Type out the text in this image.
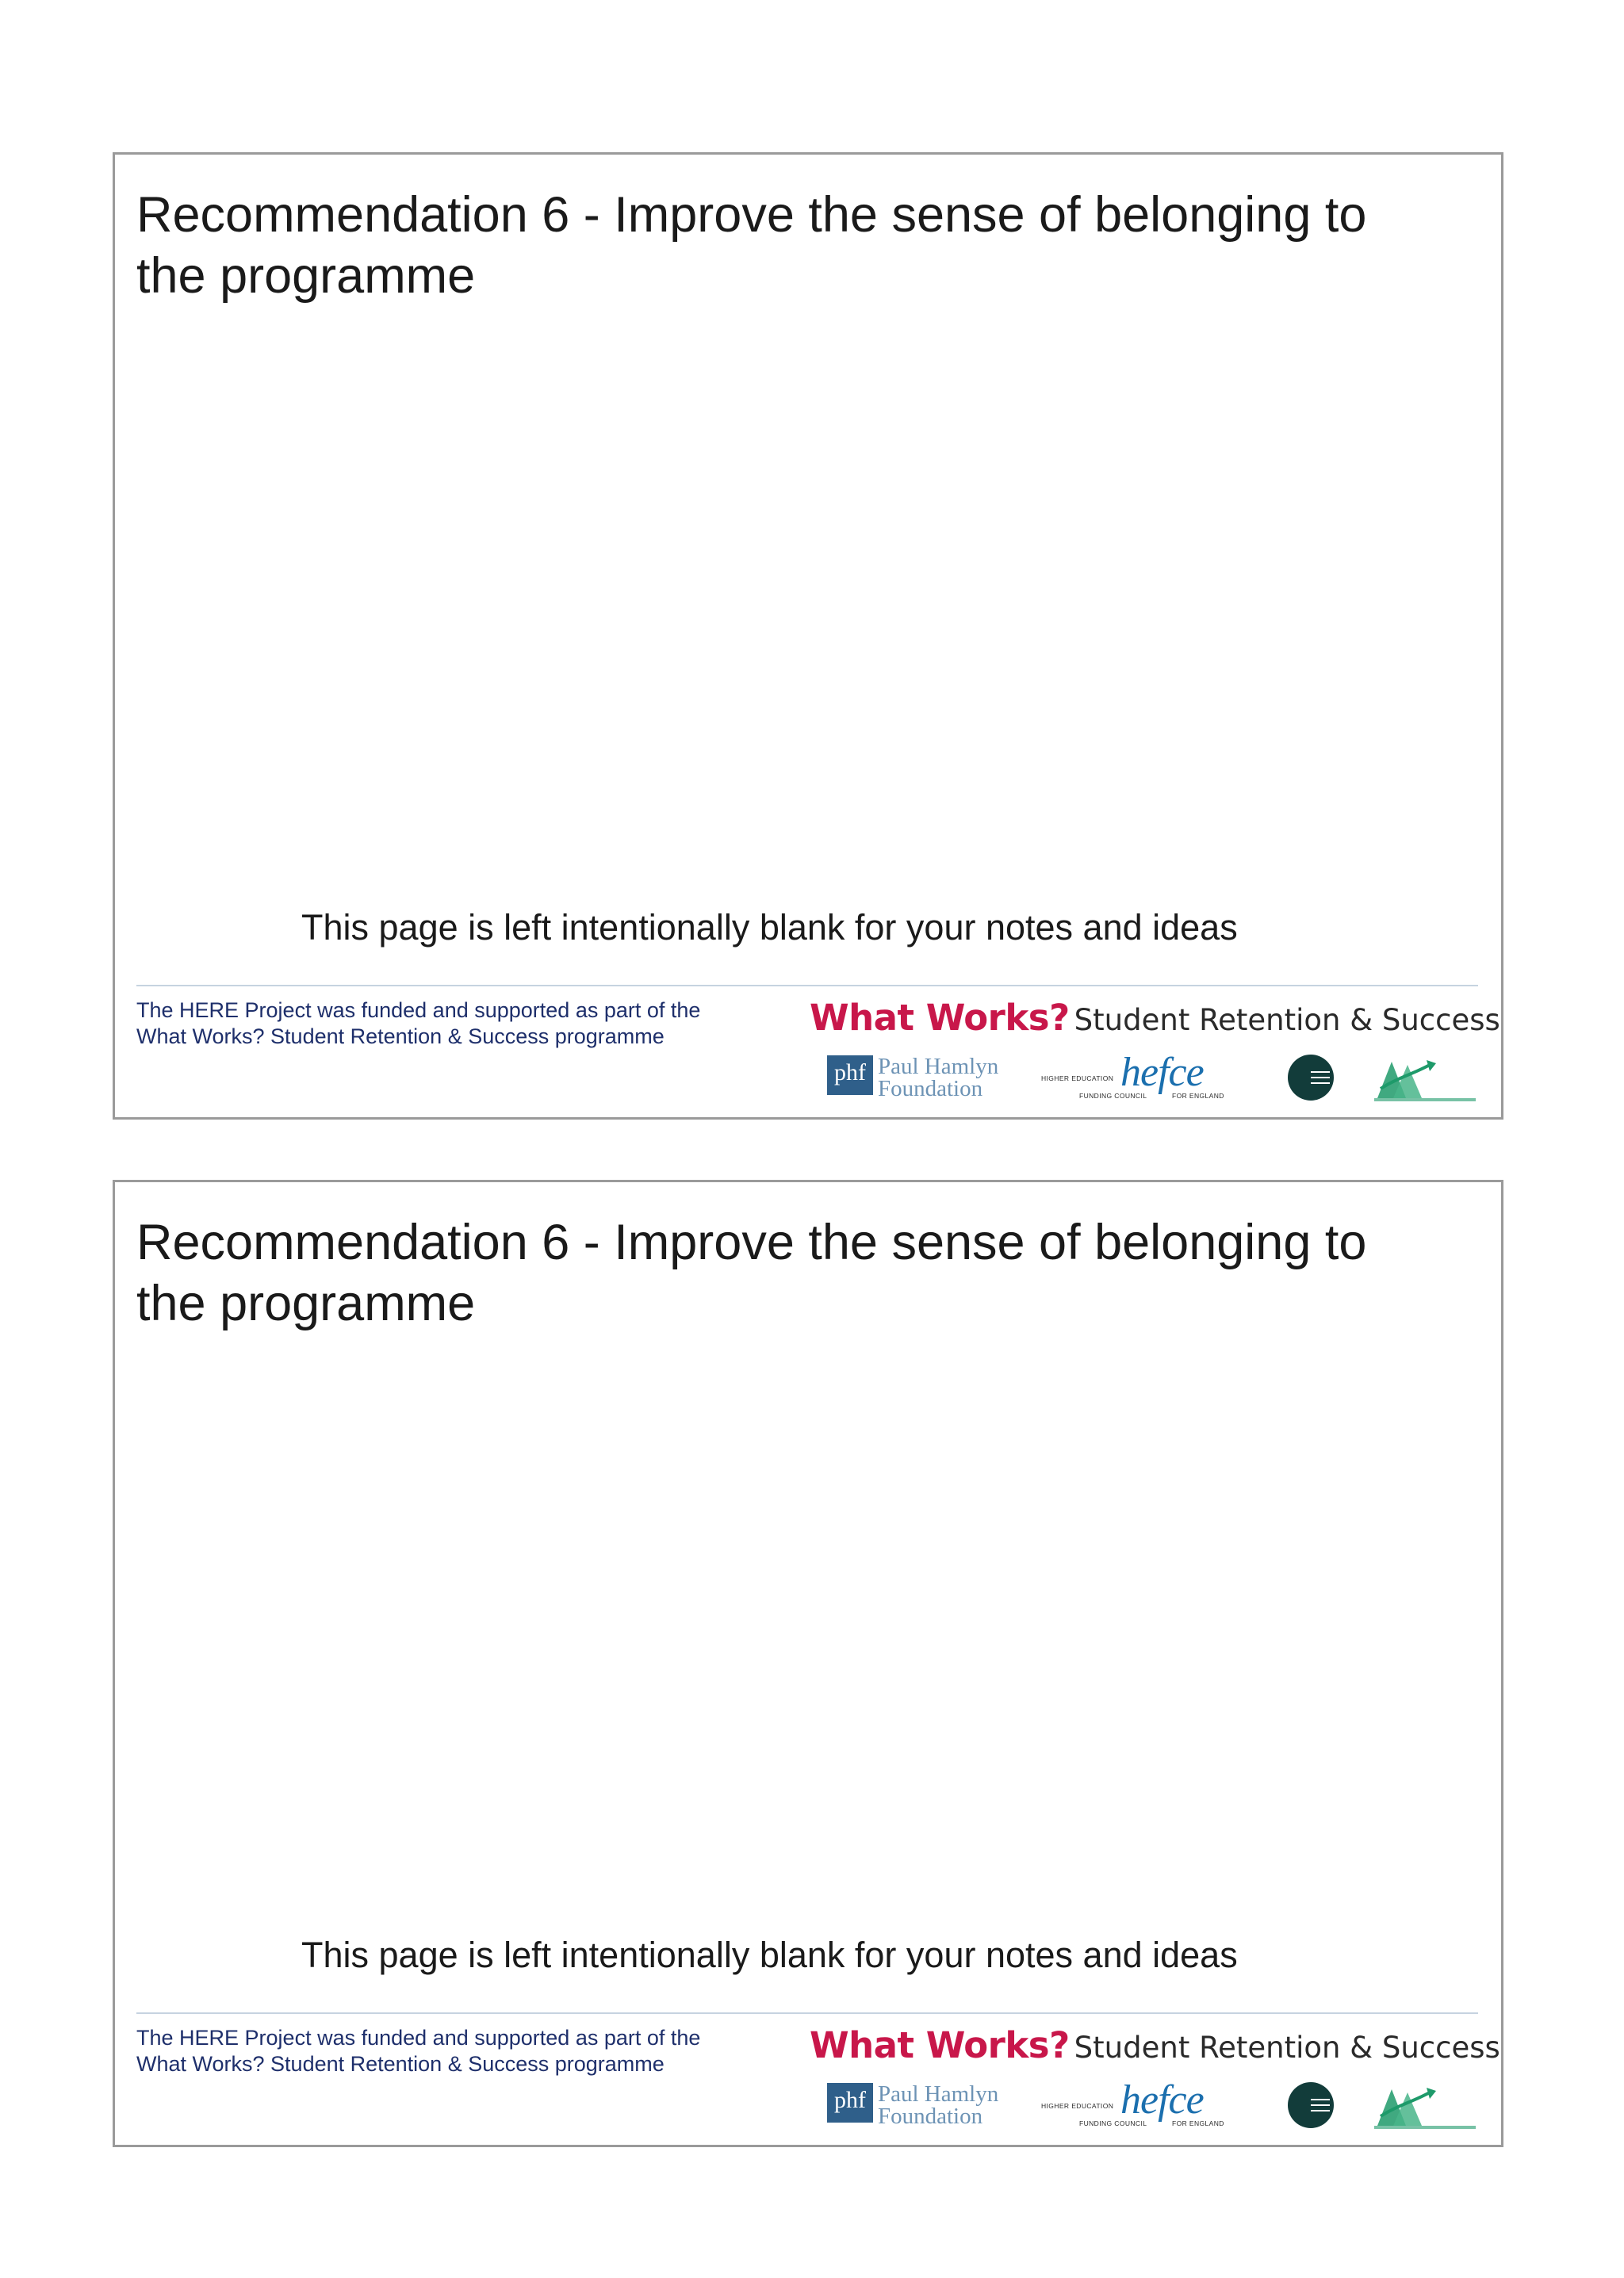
Recommendation 6 - Improve the sense of belonging to the programme
This page is left intentionally blank for your notes and ideas
The HERE Project was funded and supported as part of the
What Works? Student Retention & Success programme	What Works? Student Retention & Success
phf Paul Hamlyn
Foundation	HIGHER EDUCATION hefce
FUNDING COUNCIL	FOR ENGLAND
Recommendation 6 - Improve the sense of belonging to the programme
This page is left intentionally blank for your notes and ideas
The HERE Project was funded and supported as part of the
What Works? Student Retention & Success programme	What Works? Student Retention & Success
phf Paul Hamlyn
Foundation	HIGHER EDUCATION hefce
FUNDING COUNCIL	FOR ENGLAND
